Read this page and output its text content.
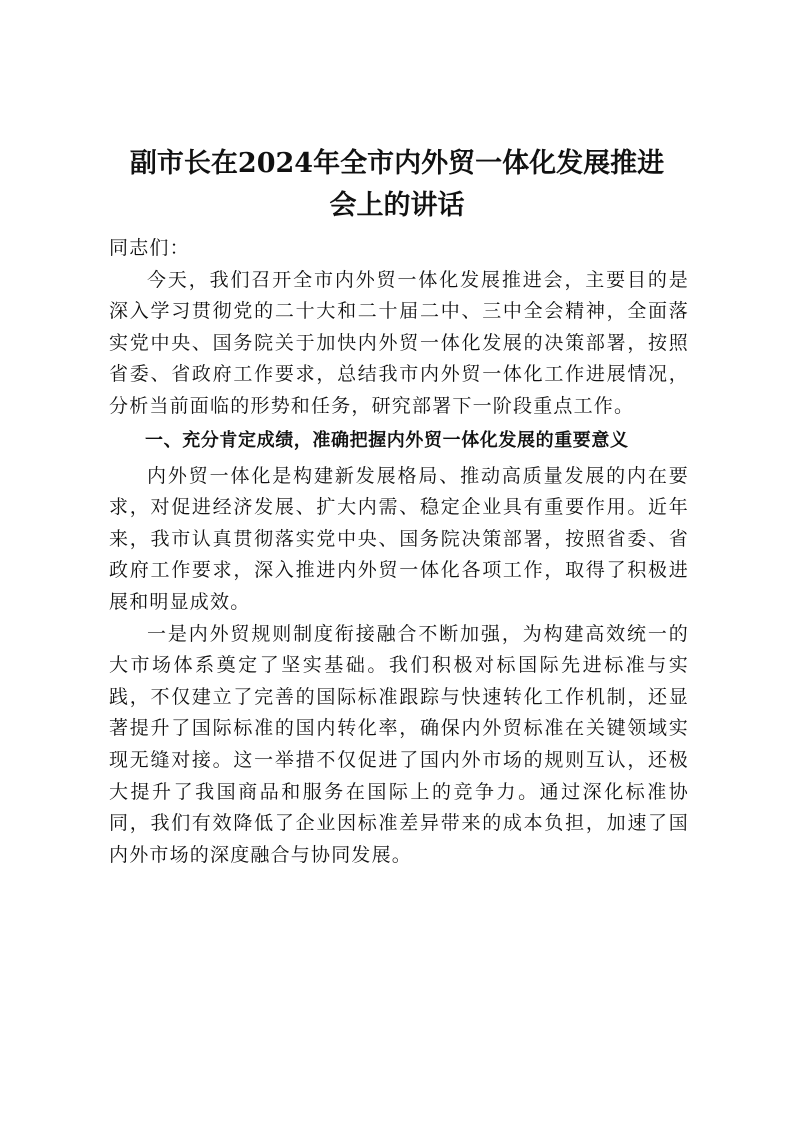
副市长在2024年全市内外贸一体化发展推进
会上的讲话

同志们：

今天，我们召开全市内外贸一体化发展推进会，主要目的是深入学习贯彻党的二十大和二十届二中、三中全会精神，全面落实党中央、国务院关于加快内外贸一体化发展的决策部署，按照省委、省政府工作要求，总结我市内外贸一体化工作进展情况，分析当前面临的形势和任务，研究部署下一阶段重点工作。

一、充分肯定成绩，准确把握内外贸一体化发展的重要意义

内外贸一体化是构建新发展格局、推动高质量发展的内在要求，对促进经济发展、扩大内需、稳定企业具有重要作用。近年来，我市认真贯彻落实党中央、国务院决策部署，按照省委、省政府工作要求，深入推进内外贸一体化各项工作，取得了积极进展和明显成效。

一是内外贸规则制度衔接融合不断加强，为构建高效统一的大市场体系奠定了坚实基础。我们积极对标国际先进标准与实践，不仅建立了完善的国际标准跟踪与快速转化工作机制，还显著提升了国际标准的国内转化率，确保内外贸标准在关键领域实现无缝对接。这一举措不仅促进了国内外市场的规则互认，还极大提升了我国商品和服务在国际上的竞争力。通过深化标准协同，我们有效降低了企业因标准差异带来的成本负担，加速了国内外市场的深度融合与协同发展。
